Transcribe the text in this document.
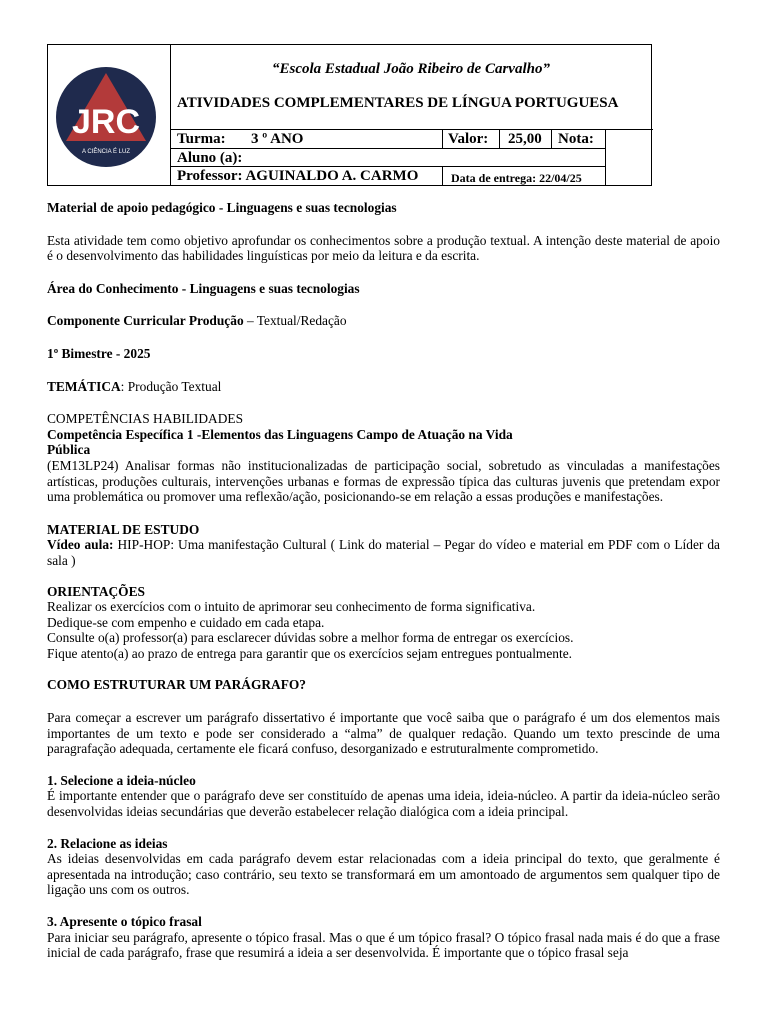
JRC
A CIÊNCIA É LUZ
“Escola Estadual João Ribeiro de Carvalho”
ATIVIDADES COMPLEMENTARES DE LÍNGUA PORTUGUESA
Turma: 3 º ANO	Valor: 25,00 Nota:
Aluno (a):
Professor: AGUINALDO A. CARMO	Data de entrega: 22/04/25

Material de apoio pedagógico - Linguagens e suas tecnologias

Esta atividade tem como objetivo aprofundar os conhecimentos sobre a produção textual. A intenção deste material de apoio é o desenvolvimento das habilidades linguísticas por meio da leitura e da escrita.

Área do Conhecimento - Linguagens e suas tecnologias

Componente Curricular Produção – Textual/Redação

1º Bimestre - 2025

TEMÁTICA: Produção Textual

COMPETÊNCIAS HABILIDADES

Competência Específica 1 -Elementos das Linguagens Campo de Atuação na Vida Pública

(EM13LP24) Analisar formas não institucionalizadas de participação social, sobretudo as vinculadas a manifestações artísticas, produções culturais, intervenções urbanas e formas de expressão típica das culturas juvenis que pretendam expor uma problemática ou promover uma reflexão/ação, posicionando-se em relação a essas produções e manifestações.

MATERIAL DE ESTUDO

Vídeo aula: HIP-HOP: Uma manifestação Cultural ( Link do material – Pegar do vídeo e material em PDF com o Líder da sala )

ORIENTAÇÕES

Realizar os exercícios com o intuito de aprimorar seu conhecimento de forma significativa.

Dedique-se com empenho e cuidado em cada etapa.

Consulte o(a) professor(a) para esclarecer dúvidas sobre a melhor forma de entregar os exercícios.

Fique atento(a) ao prazo de entrega para garantir que os exercícios sejam entregues pontualmente.

COMO ESTRUTURAR UM PARÁGRAFO?

Para começar a escrever um parágrafo dissertativo é importante que você saiba que o parágrafo é um dos elementos mais importantes de um texto e pode ser considerado a “alma” de qualquer redação. Quando um texto prescinde de uma paragrafação adequada, certamente ele ficará confuso, desorganizado e estruturalmente comprometido.

1. Selecione a ideia-núcleo

É importante entender que o parágrafo deve ser constituído de apenas uma ideia, ideia-núcleo. A partir da ideia-núcleo serão desenvolvidas ideias secundárias que deverão estabelecer relação dialógica com a ideia principal.

2. Relacione as ideias

As ideias desenvolvidas em cada parágrafo devem estar relacionadas com a ideia principal do texto, que geralmente é apresentada na introdução; caso contrário, seu texto se transformará em um amontoado de argumentos sem qualquer tipo de ligação uns com os outros.

3. Apresente o tópico frasal

Para iniciar seu parágrafo, apresente o tópico frasal. Mas o que é um tópico frasal? O tópico frasal nada mais é do que a frase inicial de cada parágrafo, frase que resumirá a ideia a ser desenvolvida. É importante que o tópico frasal seja
